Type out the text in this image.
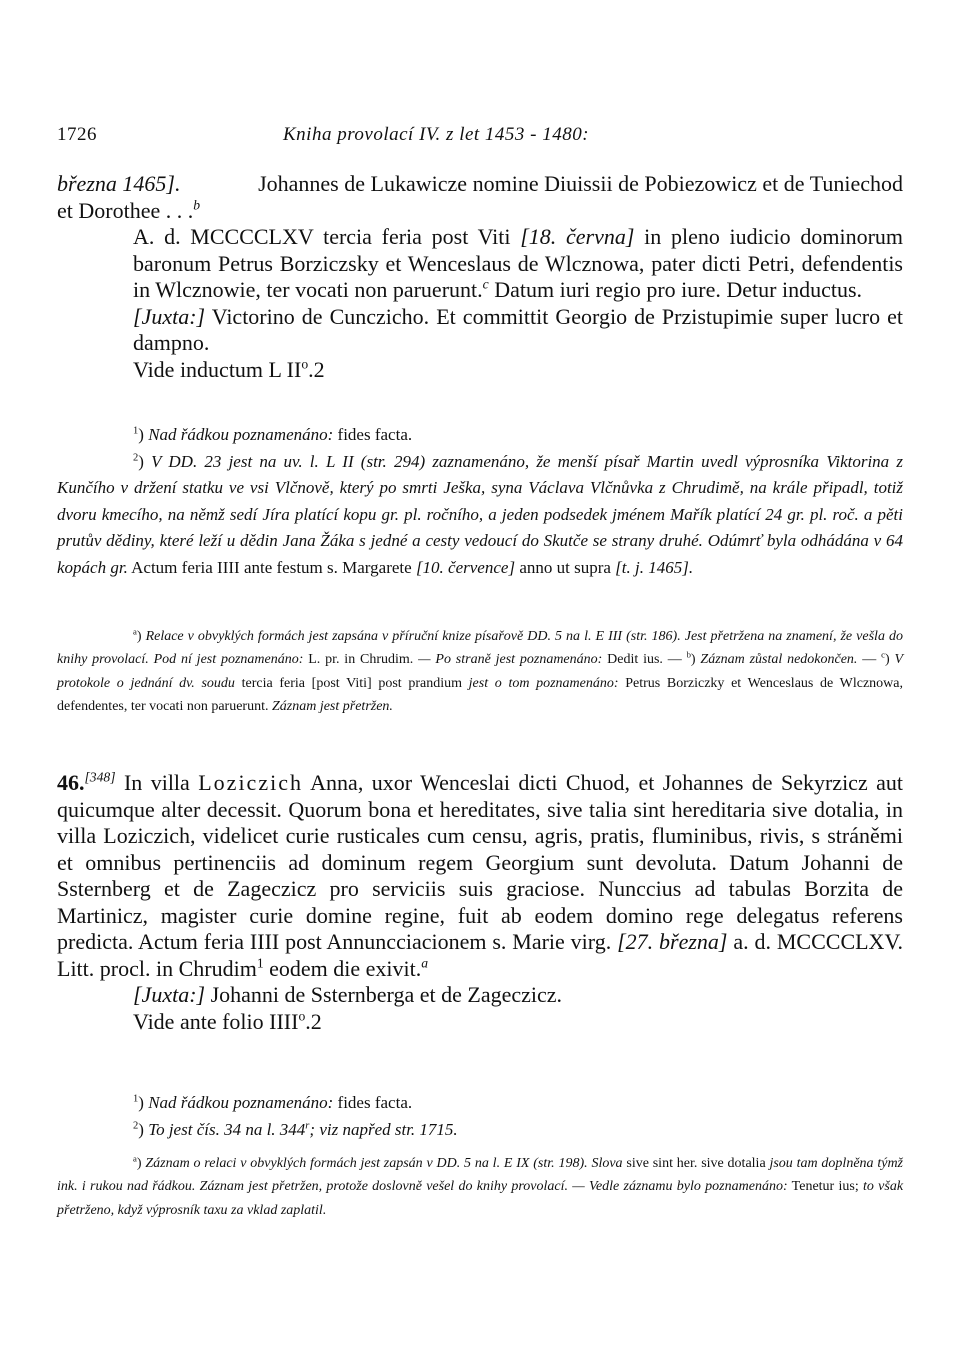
1726	Kniha provolací IV. z let 1453 - 1480:

března 1465].	Johannes de Lukawicze nomine Diuissii de Pobiezowicz et de Tuniechod et Dorothee . . .$^b$

A. d. MCCCCLXV tercia feria post Viti [18. června] in pleno iudicio dominorum baronum Petrus Borziczsky et Wenceslaus de Wlcznowa, pater dicti Petri, defendentis in Wlcznowie, ter vocati non paruerunt.$^c$ Datum iuri regio pro iure. Detur inductus.

[Juxta:] Victorino de Cunczicho. Et committit Georgio de Przistupimie super lucro et dampno.

Vide inductum L $II^o.2$

$^1$) Nad řádkou poznamenáno: fides facta.

$^2$) V DD. 23 jest na uv. l. L II (str. 294) zaznamenáno, že menší písař Martin uvedl výprosníka Viktorina z Kunčího v držení statku ve vsi Vlčnově, který po smrti Ješka, syna Václava Vlčnůvka z Chrudimě, na krále připadl, totiž dvoru kmecího, na němž sedí Jíra platící kopu gr. pl. ročního, a jeden podsedek jménem Mařík platící 24 gr. pl. roč. a pěti prutův dědiny, které leží u dědin Jana Žáka s jedné a cesty vedoucí do Skutče se strany druhé. Odúmrť byla odhádána v 64 kopách gr. Actum feria IIII ante festum s. Margarete [10. července] anno ut supra [t. j. 1465].

$^a$) Relace v obvyklých formách jest zapsána v příruční knize písařově DD. 5 na l. E III (str. 186). Jest přetržena na znamení, že vešla do knihy provolací. Pod ní jest poznamenáno: L. pr. in Chrudim. — Po straně jest poznamenáno: Dedit ius. — $^b$) Záznam zůstal nedokončen. — $^c$) V protokole o jednání dv. soudu tercia feria [post Viti] post prandium jest o tom poznamenáno: Petrus Borziczky et Wenceslaus de Wlcznowa, defendentes, ter vocati non paruerunt. Záznam jest přetržen.

46.[348] In villa Loziczich Anna, uxor Wenceslai dicti Chuod, et Johannes de Sekyrzicz aut quicumque alter decessit. Quorum bona et hereditates, sive talia sint hereditaria sive dotalia, in villa Loziczich, videlicet curie rusticales cum censu, agris, pratis, fluminibus, rivis, s stráněmi et omnibus pertinenciis ad dominum regem Georgium sunt devoluta. Datum Johanni de Ssternberg et de Zageczicz pro serviciis suis graciose. Nunccius ad tabulas Borzita de Martinicz, magister curie domine regine, fuit ab eodem domino rege delegatus referens predicta. Actum feria IIII post Annuncciacionem s. Marie virg. [27. března] a. d. MCCCCLXV. Litt. procl. in Chrudim$^1$ eodem die exivit.$^a$

[Juxta:] Johanni de Ssternberga et de Zageczicz.

Vide ante folio IIII$^o$.2

$^1$) Nad řádkou poznamenáno: fides facta.

$^2$) To jest čís. 34 na l. 344$^r$; viz napřed str. 1715.

$^a$) Záznam o relaci v obvyklých formách jest zapsán v DD. 5 na l. E IX (str. 198). Slova sive sint her. sive dotalia jsou tam doplněna týmž ink. i rukou nad řádkou. Záznam jest přetržen, protože doslovně vešel do knihy provolací. — Vedle záznamu bylo poznamenáno: Tenetur ius; to však přetrženo, když výprosník taxu za vklad zaplatil.
